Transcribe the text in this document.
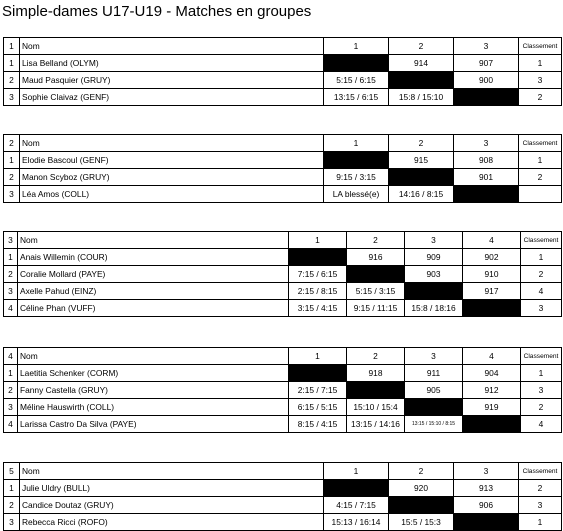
Simple-dames U17-U19 - Matches en groupes
1	Nom	1	2	3	Classement
1	Lisa Belland (OLYM)		914	907	1
2	Maud Pasquier (GRUY)	5:15 / 6:15		900	3
3	Sophie Claivaz (GENF)	13:15 / 6:15	15:8 / 15:10		2
2	Nom	1	2	3	Classement
1	Elodie Bascoul (GENF)		915	908	1
2	Manon Scyboz (GRUY)	9:15 / 3:15		901	2
3	Léa Amos (COLL)	LA blessé(e)	14:16 / 8:15		
3	Nom	1	2	3	4	Classement
1	Anais Willemin (COUR)		916	909	902	1
2	Coralie Mollard (PAYE)	7:15 / 6:15		903	910	2
3	Axelle Pahud (EINZ)	2:15 / 8:15	5:15 / 3:15		917	4
4	Céline Phan (VUFF)	3:15 / 4:15	9:15 / 11:15	15:8 / 18:16		3
4	Nom	1	2	3	4	Classement
1	Laetitia Schenker (CORM)		918	911	904	1
2	Fanny Castella (GRUY)	2:15 / 7:15		905	912	3
3	Méline Hauswirth (COLL)	6:15 / 5:15	15:10 / 15:4		919	2
4	Larissa Castro Da Silva (PAYE)	8:15 / 4:15	13:15 / 14:16	13:15 / 15:10 / 8:15		4
5	Nom	1	2	3	Classement
1	Julie Uldry (BULL)		920	913	2
2	Candice Doutaz (GRUY)	4:15 / 7:15		906	3
3	Rebecca Ricci (ROFO)	15:13 / 16:14	15:5 / 15:3		1
